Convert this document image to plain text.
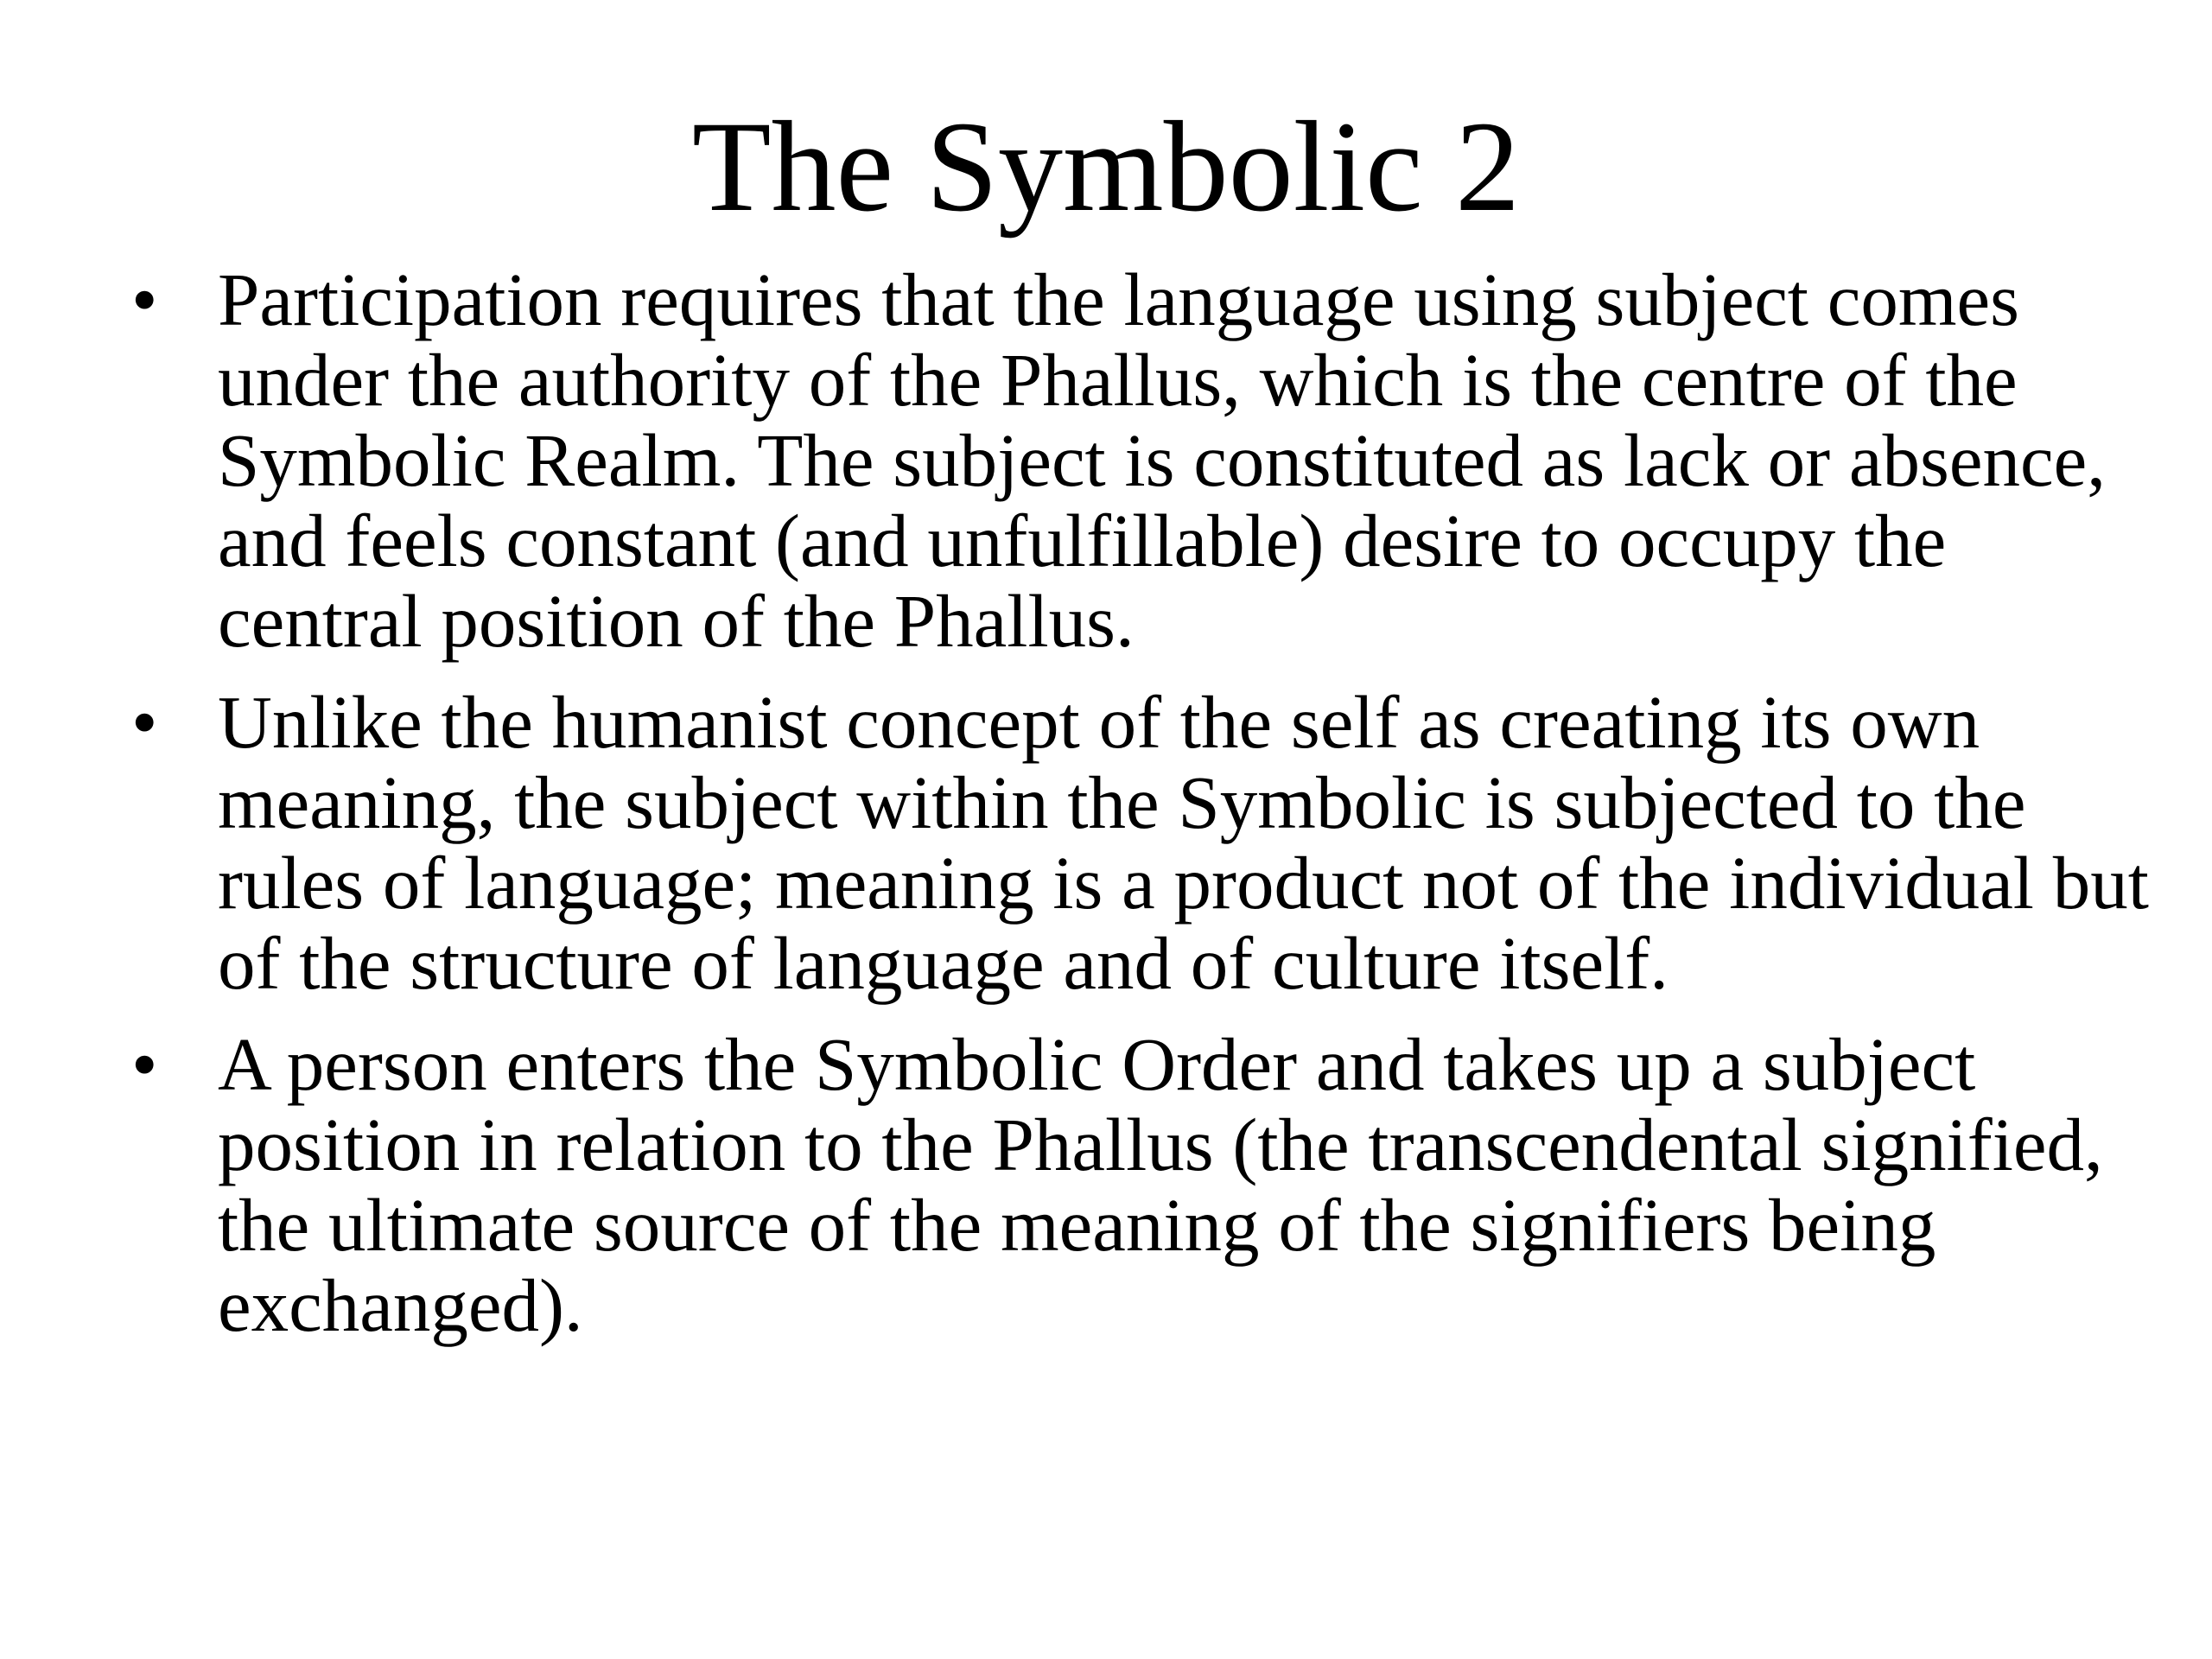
The Symbolic 2
• Participation requires that the language using subject comes under the authority of the Phallus, which is the centre of the Symbolic Realm. The subject is constituted as lack or absence, and feels constant (and unfulfillable) desire to occupy the central position of the Phallus.
• Unlike the humanist concept of the self as creating its own meaning, the subject within the Symbolic is subjected to the rules of language; meaning is a product not of the individual but of the structure of language and of culture itself.
• A person enters the Symbolic Order and takes up a subject position in relation to the Phallus (the transcendental signified, the ultimate source of the meaning of the signifiers being exchanged).
